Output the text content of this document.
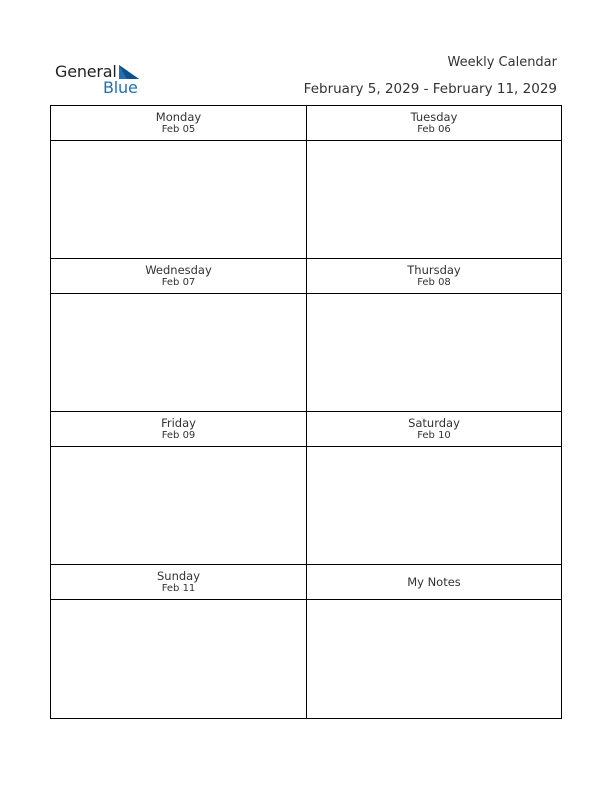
General
Blue
Weekly Calendar
February 5, 2029 - February 11, 2029
Monday
Feb 05
Tuesday
Feb 06
Wednesday
Feb 07
Thursday
Feb 08
Friday
Feb 09
Saturday
Feb 10
Sunday
Feb 11	My Notes
